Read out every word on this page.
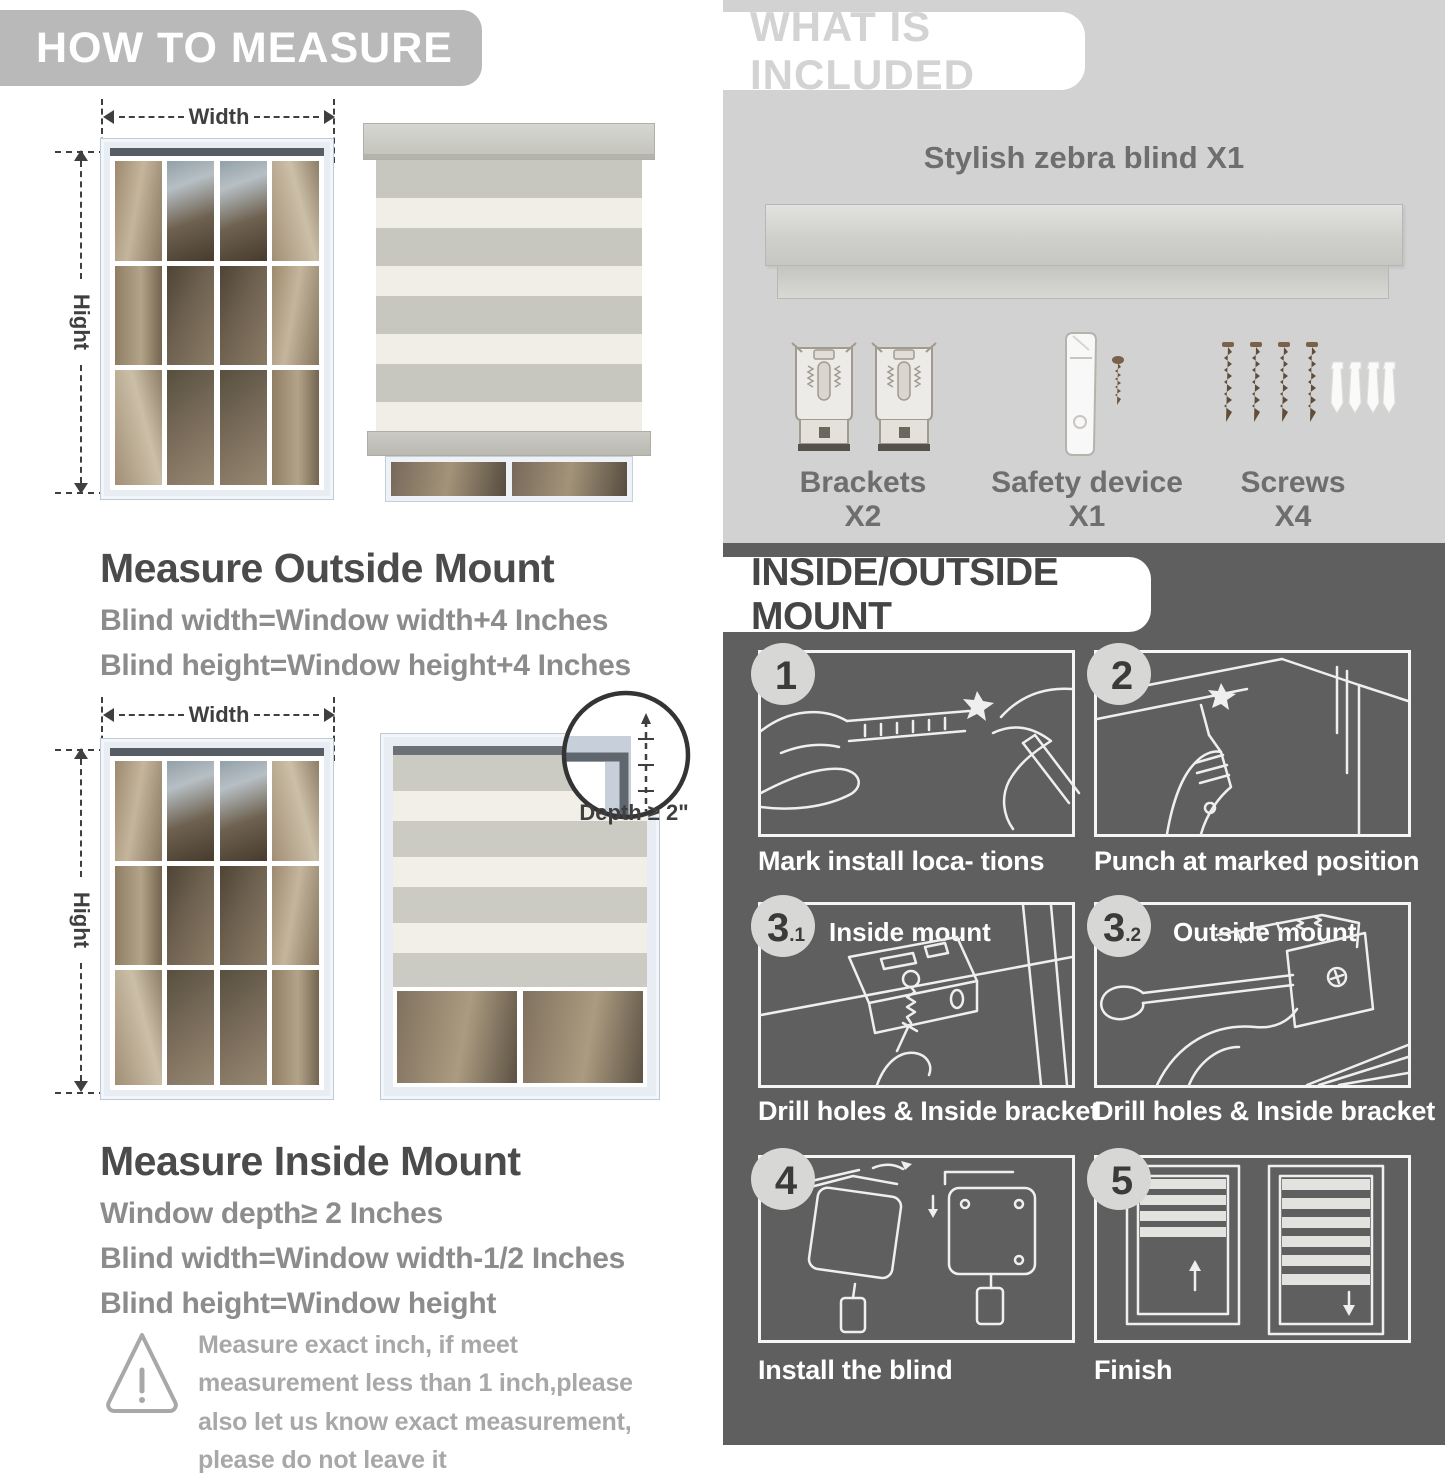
HOW TO MEASURE
Width
Hight
Measure Outside Mount
Blind width=Window width+4 Inches
Blind height=Window height+4 Inches
Width
Hight
Depth ≥ 2"
Measure Inside Mount
Window depth≥ 2 Inches
Blind width=Window width-1/2 Inches
Blind height=Window height
Measure exact inch, if meet measurement less than 1 inch,please also let us know exact measurement, please do not leave it
WHAT IS INCLUDED
Stylish zebra blind X1
Brackets X2
Safety device X1
Screws X4
INSIDE/OUTSIDE MOUNT
Mark install loca- tions Punch at marked position
Inside mount
Drill holes & Inside bracket
Outside mount
Drill holes & Inside bracket
Install the blind	Finish
1	2
3 .1	3 .2
4	5
